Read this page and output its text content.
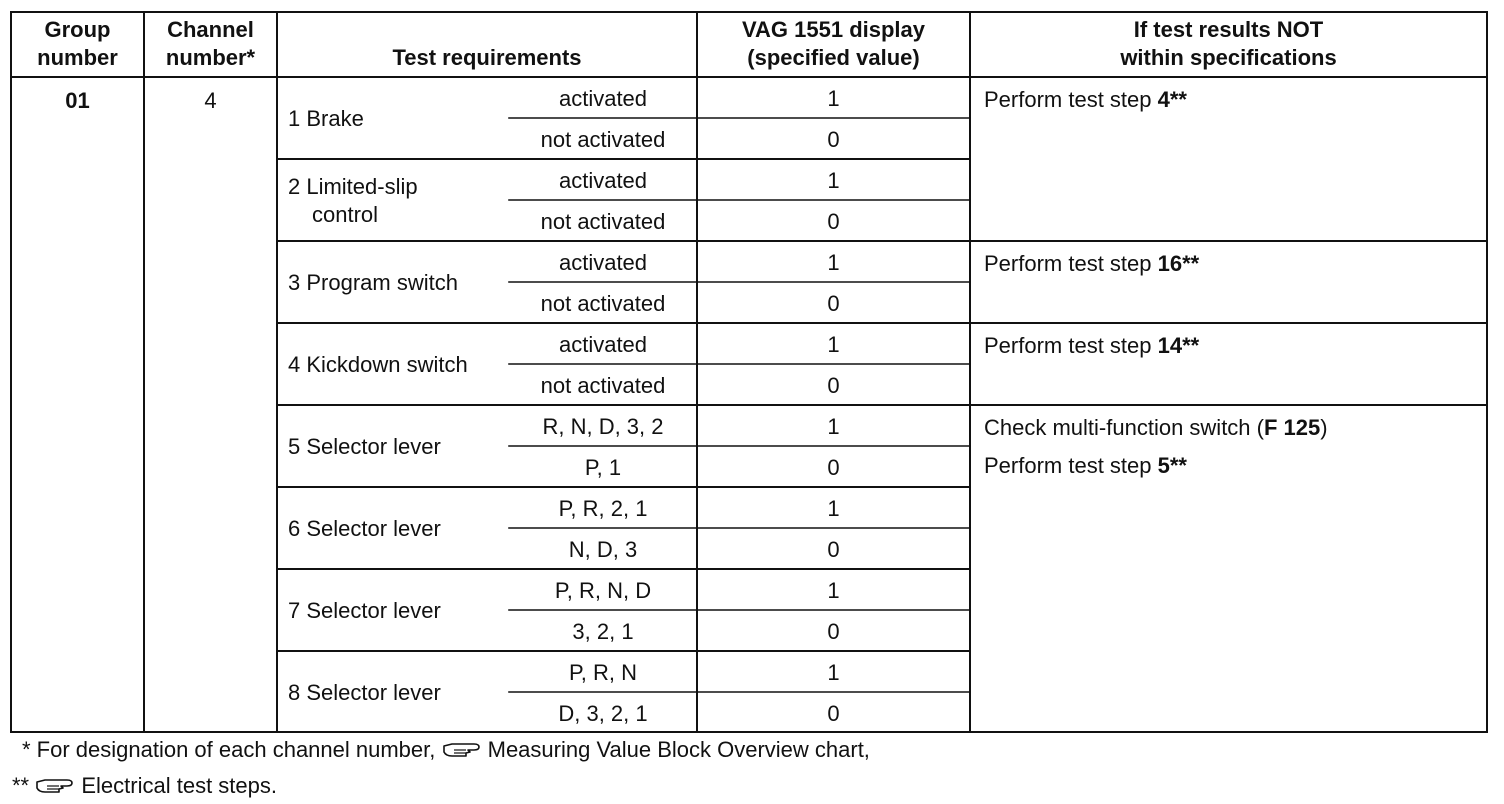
Group
number
Channel
number*	Test requirements
VAG 1551 display
(specified value)
If test results NOT
within specifications
01	4
1 Brake
2 Limited-slip
control
3 Program switch
4 Kickdown switch
5 Selector lever
6 Selector lever
7 Selector lever
8 Selector lever
activated
not activated
activated
not activated
activated
not activated
activated
not activated
R, N, D, 3, 2
P, 1
P, R, 2, 1
N, D, 3
P, R, N, D
3, 2, 1
P, R, N
D, 3, 2, 1
1
0
1
0
1
0
1
0
1
0
1
0
1
0
1
0
Perform test step 4**
Perform test step 16**
Perform test step 14**
Check multi-function switch (F 125)
Perform test step 5**
* For designation of each channel number,
Measuring Value Block Overview chart,
**
Electrical test steps.
